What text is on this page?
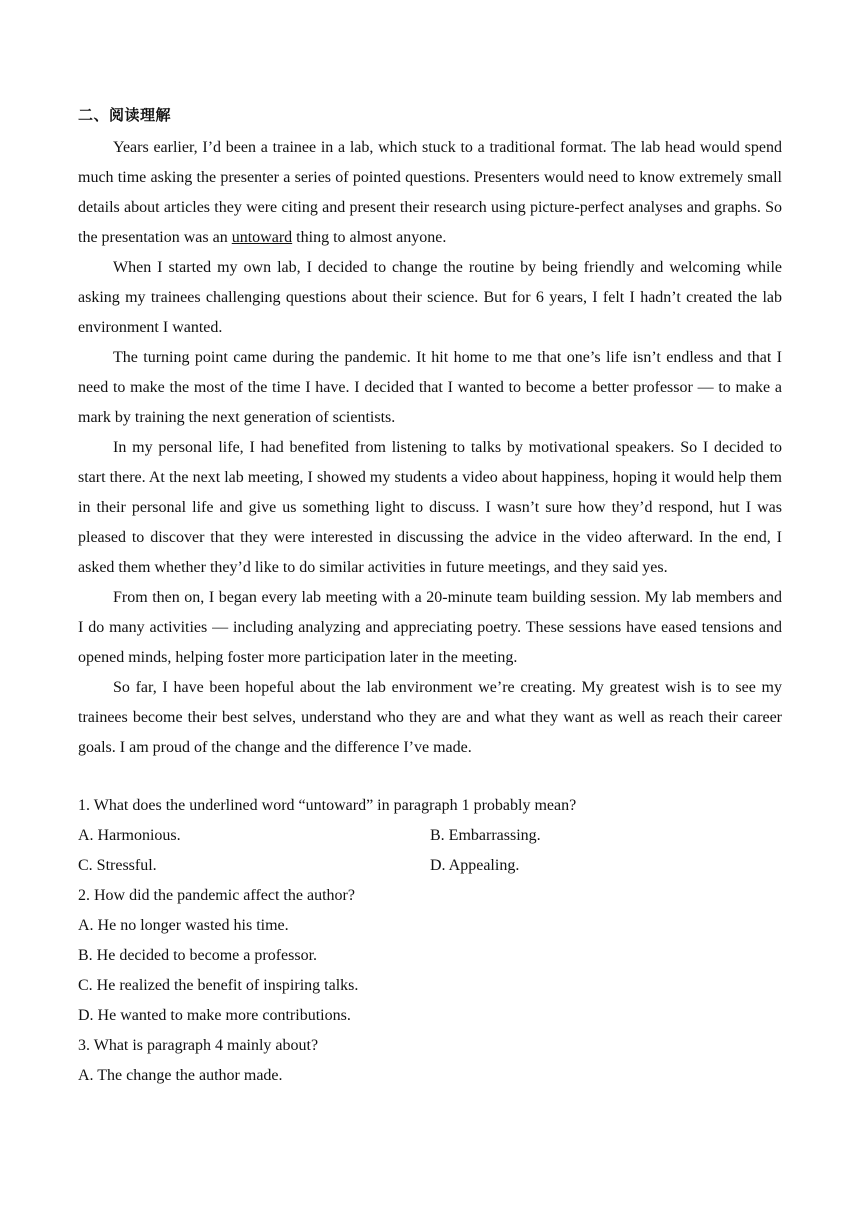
二、阅读理解

Years earlier, I’d been a trainee in a lab, which stuck to a traditional format. The lab head would spend much time asking the presenter a series of pointed questions. Presenters would need to know extremely small details about articles they were citing and present their research using picture-perfect analyses and graphs. So the presentation was an untoward thing to almost anyone.

When I started my own lab, I decided to change the routine by being friendly and welcoming while asking my trainees challenging questions about their science. But for 6 years, I felt I hadn’t created the lab environment I wanted.

The turning point came during the pandemic. It hit home to me that one’s life isn’t endless and that I need to make the most of the time I have. I decided that I wanted to become a better professor — to make a mark by training the next generation of scientists.

In my personal life, I had benefited from listening to talks by motivational speakers. So I decided to start there. At the next lab meeting, I showed my students a video about happiness, hoping it would help them in their personal life and give us something light to discuss. I wasn’t sure how they’d respond, hut I was pleased to discover that they were interested in discussing the advice in the video afterward. In the end, I asked them whether they’d like to do similar activities in future meetings, and they said yes.

From then on, I began every lab meeting with a 20-minute team building session. My lab members and I do many activities — including analyzing and appreciating poetry. These sessions have eased tensions and opened minds, helping foster more participation later in the meeting.

So far, I have been hopeful about the lab environment we’re creating. My greatest wish is to see my trainees become their best selves, understand who they are and what they want as well as reach their career goals. I am proud of the change and the difference I’ve made.

1. What does the underlined word “untoward” in paragraph 1 probably mean?
A. Harmonious.	B. Embarrassing.
C. Stressful.	D. Appealing.
2. How did the pandemic affect the author?
A. He no longer wasted his time.
B. He decided to become a professor.
C. He realized the benefit of inspiring talks.
D. He wanted to make more contributions.
3. What is paragraph 4 mainly about?
A. The change the author made.
